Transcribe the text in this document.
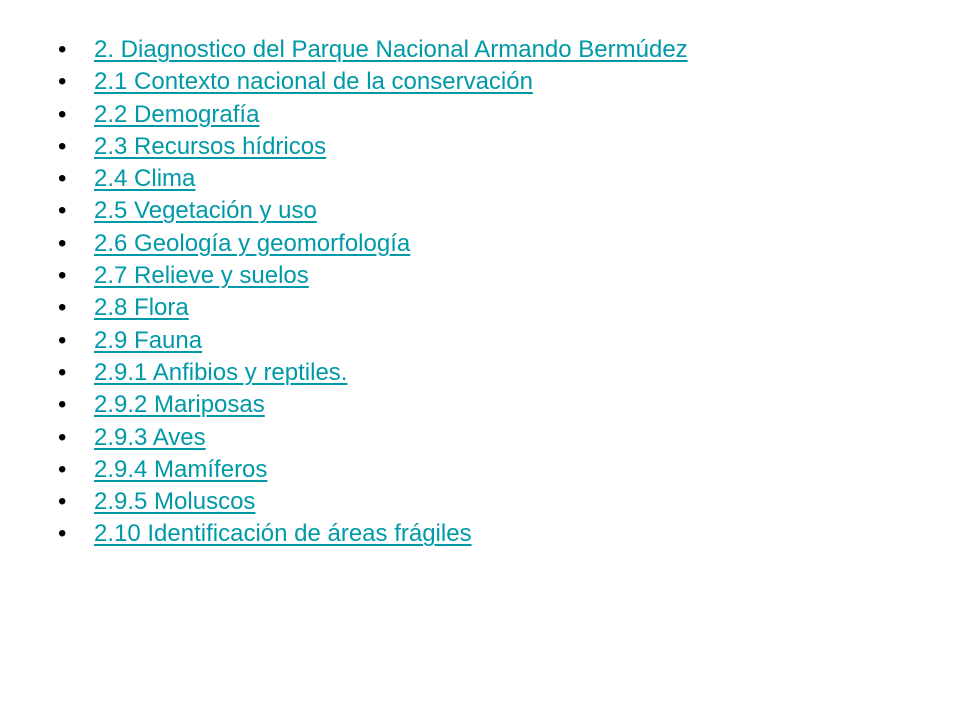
•	2. Diagnostico del Parque Nacional Armando Bermúdez
•	2.1 Contexto nacional de la conservación
•	2.2 Demografía
•	2.3 Recursos hídricos
•	2.4 Clima
•	2.5 Vegetación y uso
•	2.6 Geología y geomorfología
•	2.7 Relieve y suelos
•	2.8 Flora
•	2.9 Fauna
•	2.9.1 Anfibios y reptiles.
•	2.9.2 Mariposas
•	2.9.3 Aves
•	2.9.4 Mamíferos
•	2.9.5 Moluscos
•	2.10 Identificación de áreas frágiles
